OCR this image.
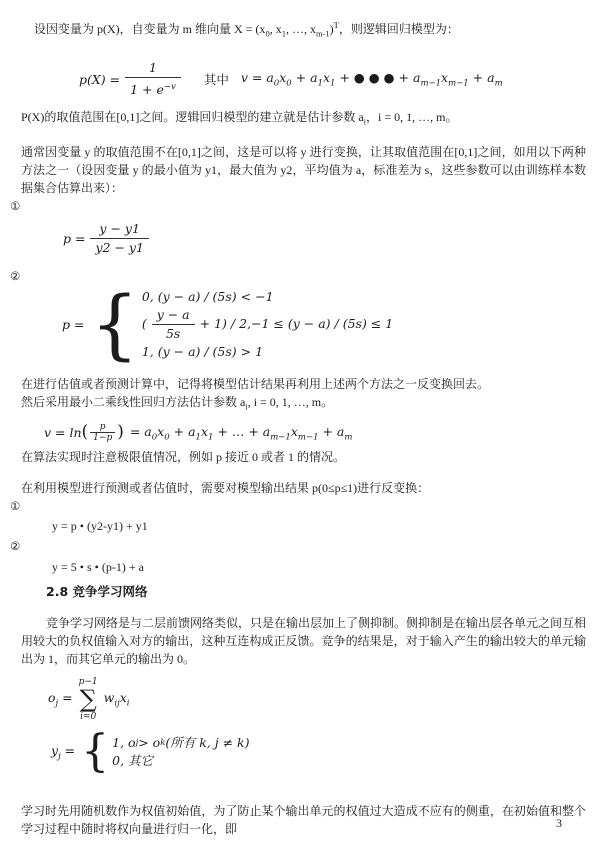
设因变量为 p(X)，自变量为 m 维向量 $X = (x_0$, $x_1$, …, $x_{m-1})^T$，则逻辑回归模型为：

$p(X) = \frac{1}{1 + e^{-v}}$ 其中 $v = a_0x_0 + a_1x_1$ + ● ● ● + $a_{m-1}x_{m-1} + a_m$

P(X)的取值范围在[0,1]之间。逻辑回归模型的建立就是估计参数 $a_i$，i = 0, 1, …, m。

通常因变量 y 的取值范围不在[0,1]之间，这是可以将 y 进行变换，让其取值范围在[0,1]之间，如用以下两种方法之一（设因变量 y 的最小值为 y1，最大值为 y2，平均值为 a，标准差为 s，这些参数可以由训练样本数据集合估算出来）：

①
$p = \frac{y - y1}{y2 - y1}$
②
p = { 0, (y − a) / (5s) < −1
( $\frac{y - a}{5s} + 1) / 2,-1 \le (y - a) / (5s) \le 1$
1, (y − a) / (5s) > 1

在进行估值或者预测计算中，记得将模型估计结果再利用上述两个方法之一反变换回去。

然后采用最小二乘线性回归方法估计参数 $a_i$, i = 0, 1, …, m。

v = ln ( $\frac{p}{1-p}$ ) = $a_0x_0 + a_1x_1$ + … + $a_{m-1}x_{m-1} + a_m$

在算法实现时注意极限值情况，例如 p 接近 0 或者 1 的情况。

在利用模型进行预测或者估值时，需要对模型输出结果 p(0≤p≤1)进行反变换：

①
y = p • (y2-y1) + y1
②
y = 5 • s • (p-1) + a
2.8 竞争学习网络

竞争学习网络是与二层前馈网络类似，只是在输出层加上了侧抑制。侧抑制是在输出层各单元之间互相用较大的负权值输入对方的输出，这种互连构成正反馈。竞争的结果是，对于输入产生的输出较大的单元输出为 1，而其它单元的输出为 0。

$o_j$ =
p−1
∑
i=0
$w_{ij}x_i$
$y_j$ = { 1, o j > o k (所有 k, j ≠ k)
0, 其它

学习时先用随机数作为权值初始值，为了防止某个输出单元的权值过大造成不应有的侧重，在初始值和整个学习过程中随时将权向量进行归一化，即	3
